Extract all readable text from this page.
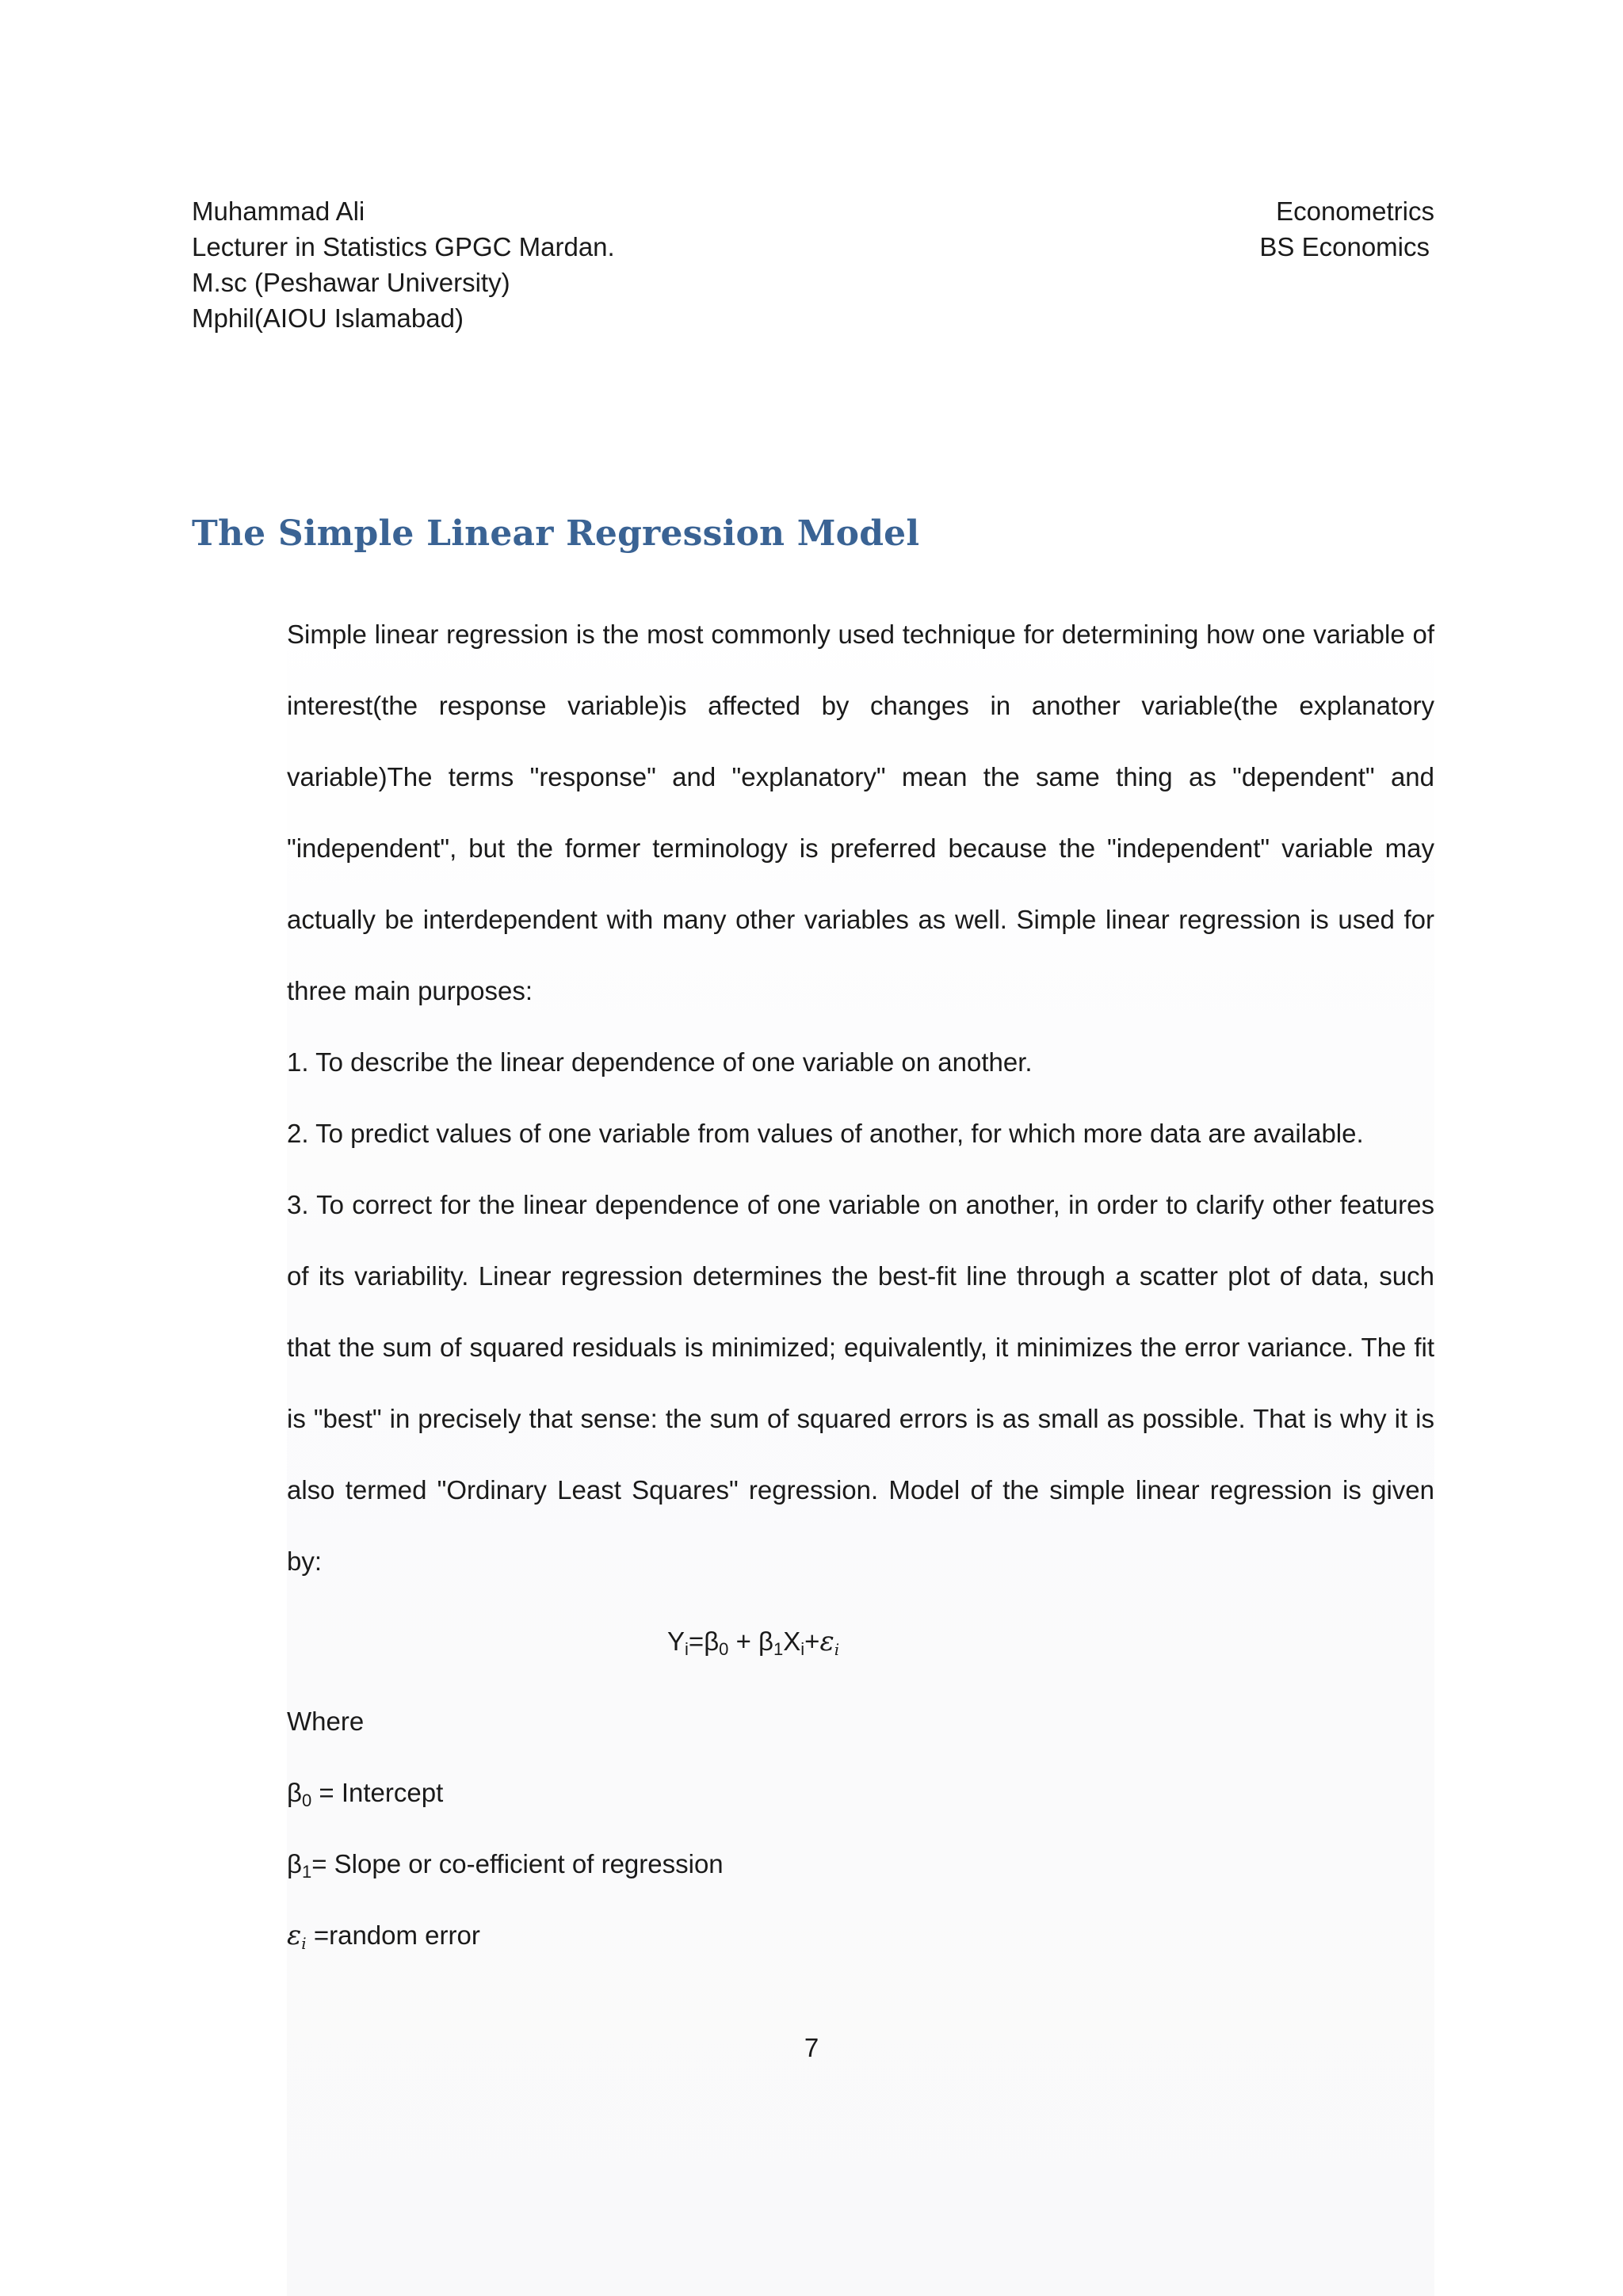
Muhammad Ali
Lecturer in Statistics GPGC Mardan.
M.sc (Peshawar University)
Mphil(AIOU Islamabad)
Econometrics
BS Economics
The Simple Linear Regression Model

Simple linear regression is the most commonly used technique for determining how one variable of interest(the response variable)is affected by changes in another variable(the explanatory variable)The terms "response" and "explanatory" mean the same thing as "dependent" and "independent", but the former terminology is preferred because the "independent" variable may actually be interdependent with many other variables as well. Simple linear regression is used for three main purposes:

1. To describe the linear dependence of one variable on another.

2. To predict values of one variable from values of another, for which more data are available.

3. To correct for the linear dependence of one variable on another, in order to clarify other features of its variability. Linear regression determines the best-fit line through a scatter plot of data, such that the sum of squared residuals is minimized; equivalently, it minimizes the error variance. The fit is "best" in precisely that sense: the sum of squared errors is as small as possible. That is why it is also termed "Ordinary Least Squares" regression. Model of the simple linear regression is given by:

$Y_i=\beta_0 + \beta_1X_i+\varepsilon_i$

Where

$\beta_0$ = Intercept

$\beta_1=$ Slope or co-efficient of regression

$\varepsilon_i$ =random error

7
